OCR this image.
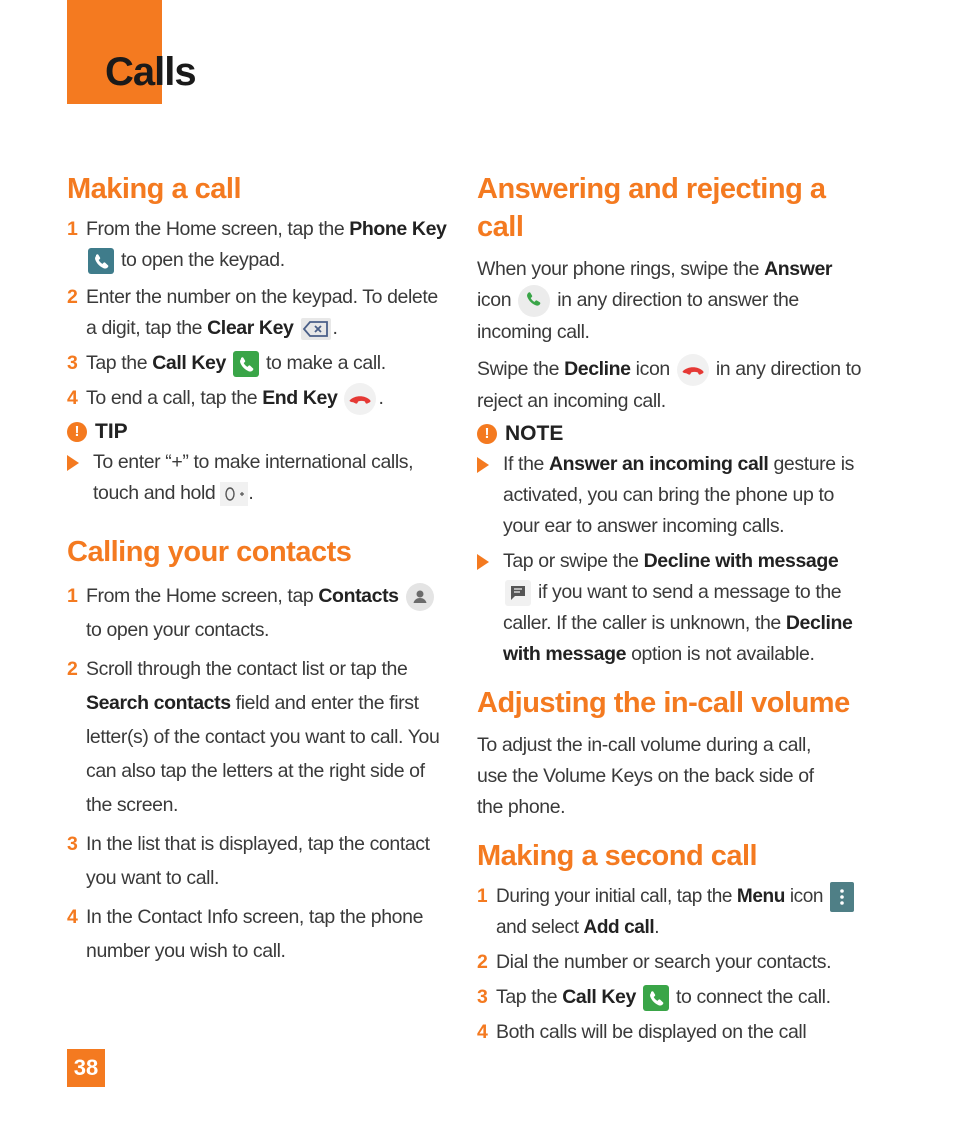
Calls
Making a call
1 From the Home screen, tap the Phone Key

to open the keypad.
2 Enter the number on the keypad. To delete a digit, tap the Clear Key .
3 Tap the Call Key
to make a call.
4 To end a call, tap the End Key .
! TIP
To enter “+” to make international calls, touch and hold
.
Calling your contacts
1 From the Home screen, tap Contacts
to open your contacts.
2 Scroll through the contact list or tap the Search contacts field and enter the first letter(s) of the contact you want to call. You can also tap the letters at the right side of the screen.
3 In the list that is displayed, tap the contact you want to call.
4 In the Contact Info screen, tap the phone number you wish to call.
Answering and rejecting a call

When your phone rings, swipe the Answer
icon
in any direction to answer the incoming call.

Swipe the Decline icon
in any direction to reject an incoming call.

! NOTE
If the Answer an incoming call gesture is activated, you can bring the phone up to your ear to answer incoming calls.
Tap or swipe the Decline with message

if you want to send a message to the caller. If the caller is unknown, the Decline with message option is not available.
Adjusting the in-call volume

To adjust the in-call volume during a call, use the Volume Keys on the back side of the phone.

Making a second call
1 During your initial call, tap the Menu icon

and select Add call.
2 Dial the number or search your contacts.
3 Tap the Call Key
to connect the call.
4 Both calls will be displayed on the call
38
